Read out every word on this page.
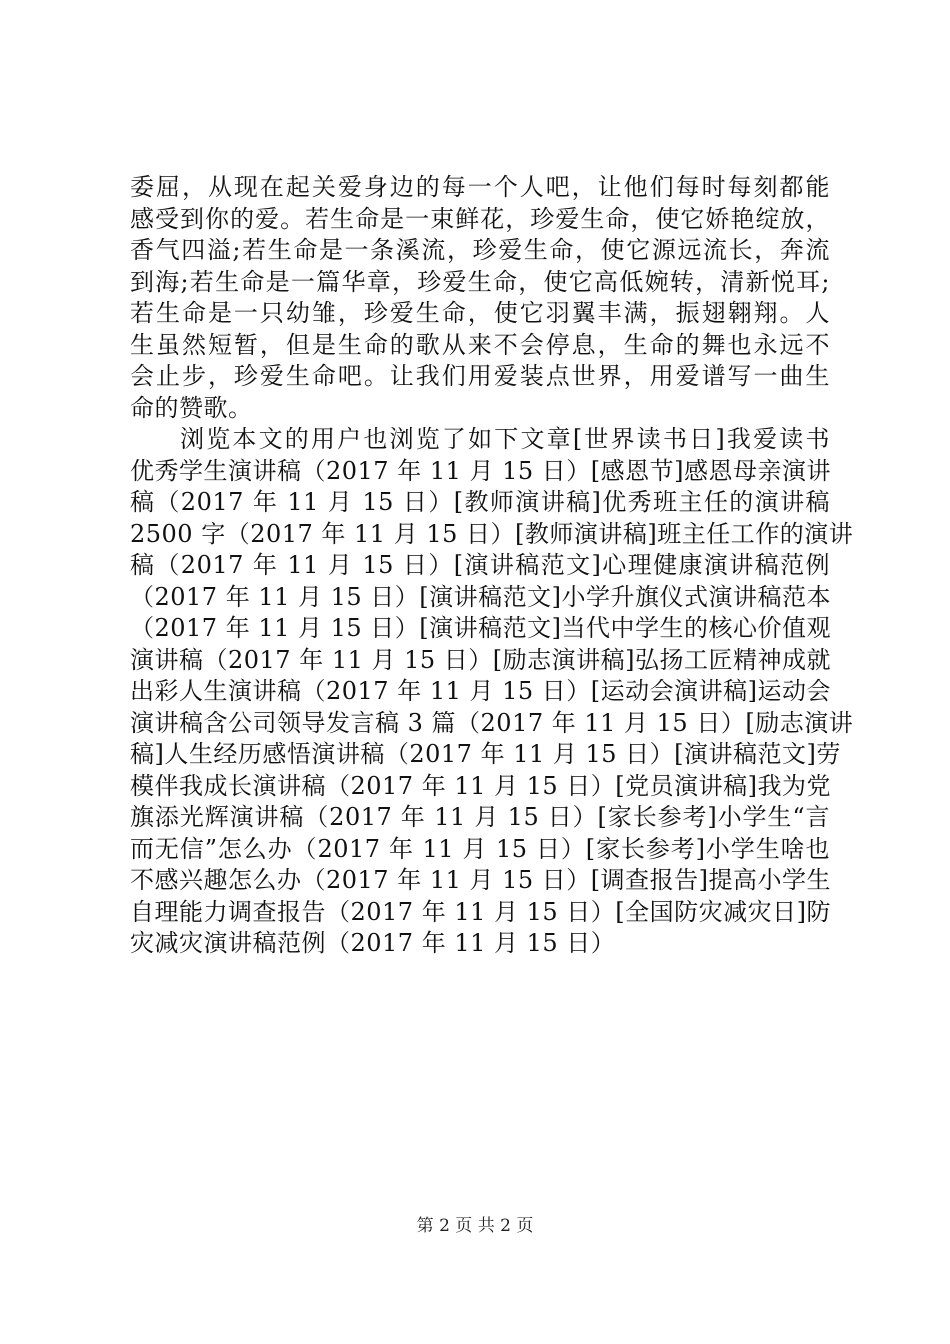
委屈，从现在起关爱身边的每一个人吧，让他们每时每刻都能
感受到你的爱。若生命是一束鲜花，珍爱生命，使它娇艳绽放，
香气四溢;若生命是一条溪流，珍爱生命，使它源远流长，奔流
到海;若生命是一篇华章，珍爱生命，使它高低婉转，清新悦耳;
若生命是一只幼雏，珍爱生命，使它羽翼丰满，振翅翱翔。人
生虽然短暂，但是生命的歌从来不会停息，生命的舞也永远不
会止步，珍爱生命吧。让我们用爱装点世界，用爱谱写一曲生
命的赞歌。
浏览本文的用户也浏览了如下文章[世界读书日]我爱读书
优秀学生演讲稿（2017 年 11 月 15 日）[感恩节]感恩母亲演讲
稿（2017 年 11 月 15 日）[教师演讲稿]优秀班主任的演讲稿
2500 字（2017 年 11 月 15 日）[教师演讲稿]班主任工作的演讲
稿（2017 年 11 月 15 日）[演讲稿范文]心理健康演讲稿范例
（2017 年 11 月 15 日）[演讲稿范文]小学升旗仪式演讲稿范本
（2017 年 11 月 15 日）[演讲稿范文]当代中学生的核心价值观
演讲稿（2017 年 11 月 15 日）[励志演讲稿]弘扬工匠精神成就
出彩人生演讲稿（2017 年 11 月 15 日）[运动会演讲稿]运动会
演讲稿含公司领导发言稿 3 篇（2017 年 11 月 15 日）[励志演讲
稿]人生经历感悟演讲稿（2017 年 11 月 15 日）[演讲稿范文]劳
模伴我成长演讲稿（2017 年 11 月 15 日）[党员演讲稿]我为党
旗添光辉演讲稿（2017 年 11 月 15 日）[家长参考]小学生“言
而无信”怎么办（2017 年 11 月 15 日）[家长参考]小学生啥也
不感兴趣怎么办（2017 年 11 月 15 日）[调查报告]提高小学生
自理能力调查报告（2017 年 11 月 15 日）[全国防灾减灾日]防
灾减灾演讲稿范例（2017 年 11 月 15 日）
第 2 页 共 2 页
